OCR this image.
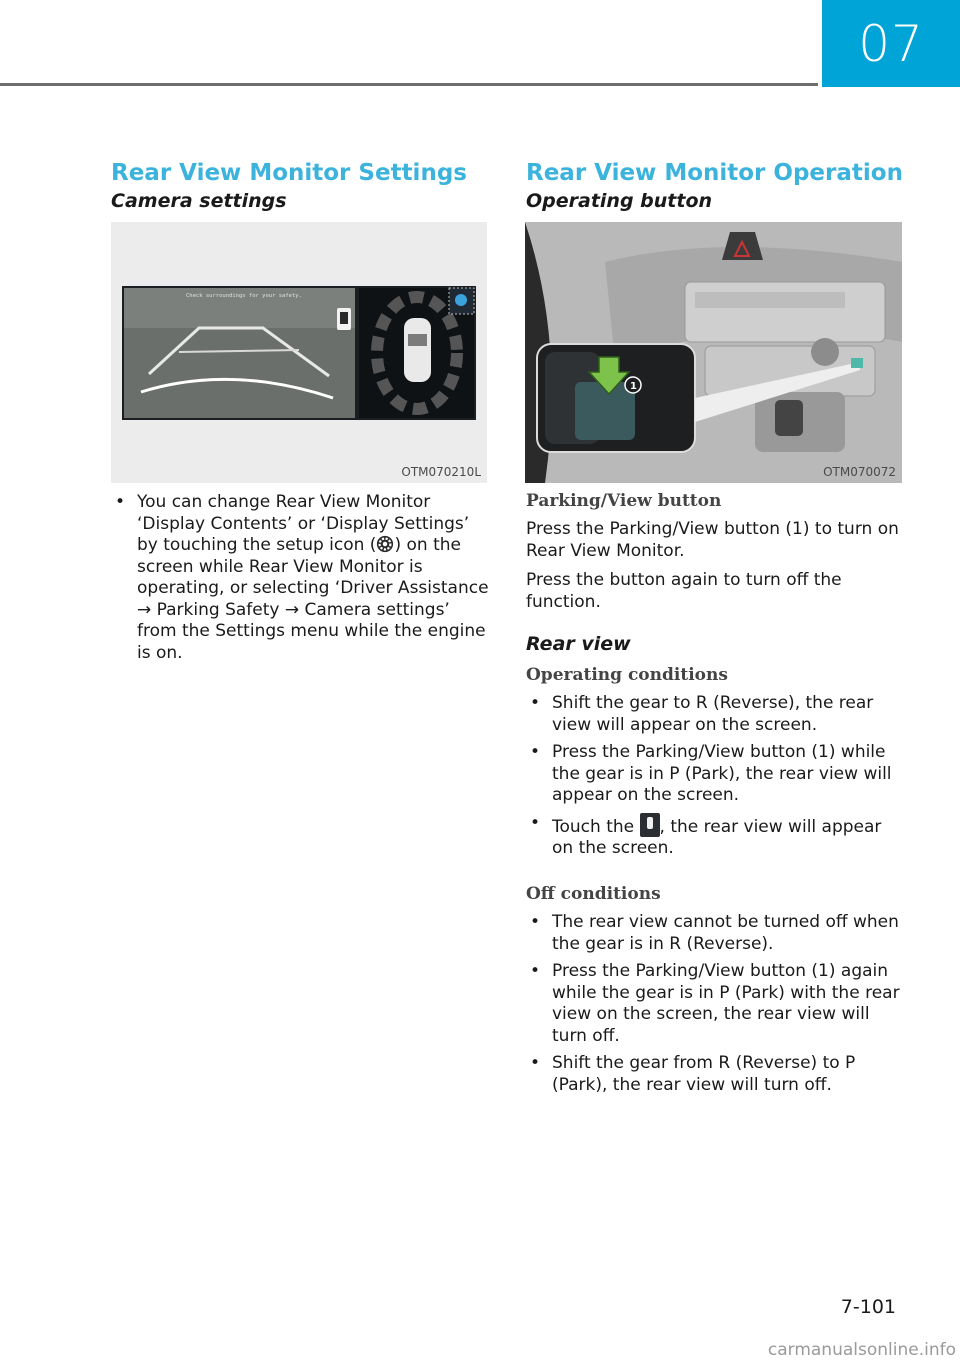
07
Rear View Monitor Settings
Camera settings
Check surroundings for your safety.
OTM070210L
• You can change Rear View Monitor ‘Display Contents’ or ‘Display Settings’ by touching the setup icon ( ) on the screen while Rear View Monitor is operating, or selecting ‘Driver Assistance → Parking Safety → Camera settings’ from the Settings menu while the engine is on.
Rear View Monitor Operation
Operating button
1
OTM070072
Parking/View button

Press the Parking/View button (1) to turn on Rear View Monitor.

Press the button again to turn off the function.

Rear view
Operating conditions
• Shift the gear to R (Reverse), the rear view will appear on the screen.
• Press the Parking/View button (1) while the gear is in P (Park), the rear view will appear on the screen.
• Touch the , the rear view will appear on the screen.
Off conditions
• The rear view cannot be turned off when the gear is in R (Reverse).
• Press the Parking/View button (1) again while the gear is in P (Park) with the rear view on the screen, the rear view will turn off.
• Shift the gear from R (Reverse) to P (Park), the rear view will turn off.
7-101
carmanualsonline.info
